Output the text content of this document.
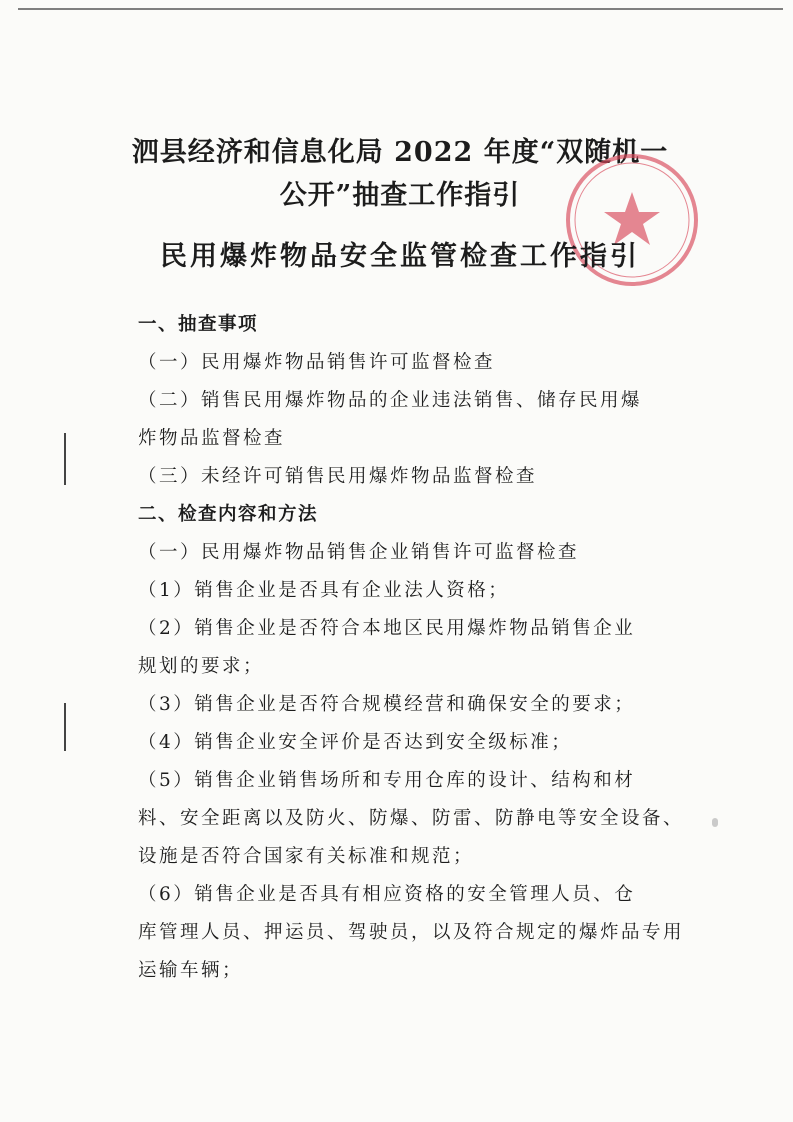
泗县经济和信息化局 2022 年度“双随机一
公开”抽查工作指引
民用爆炸物品安全监管检查工作指引

一、抽查事项

（一）民用爆炸物品销售许可监督检查

（二）销售民用爆炸物品的企业违法销售、储存民用爆

炸物品监督检查

（三）未经许可销售民用爆炸物品监督检查

二、检查内容和方法

（一）民用爆炸物品销售企业销售许可监督检查

（1）销售企业是否具有企业法人资格；

（2）销售企业是否符合本地区民用爆炸物品销售企业

规划的要求；

（3）销售企业是否符合规模经营和确保安全的要求；

（4）销售企业安全评价是否达到安全级标准；

（5）销售企业销售场所和专用仓库的设计、结构和材

料、安全距离以及防火、防爆、防雷、防静电等安全设备、

设施是否符合国家有关标准和规范；

（6）销售企业是否具有相应资格的安全管理人员、仓

库管理人员、押运员、驾驶员，以及符合规定的爆炸品专用

运输车辆；
